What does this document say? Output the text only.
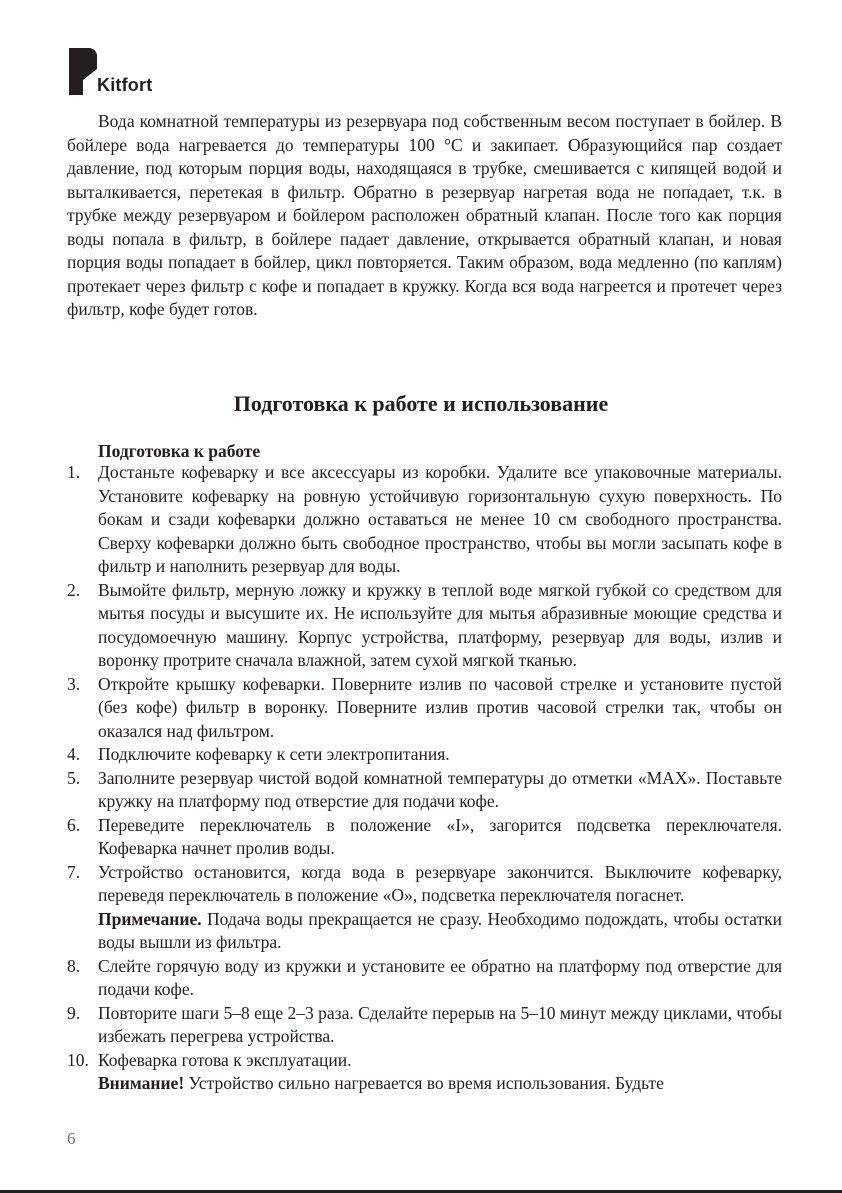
Kitfort
Вода комнатной температуры из резервуара под собственным весом поступает в бойлер. В бойлере вода нагревается до температуры 100 °C и закипает. Образующийся пар создает давление, под которым порция воды, находящаяся в трубке, смешивается с кипящей водой и выталкивается, перетекая в фильтр. Обратно в резервуар нагретая вода не попадает, т.к. в трубке между резервуаром и бойлером расположен обратный клапан. После того как порция воды попала в фильтр, в бойлере падает давление, открывается обратный клапан, и новая порция воды попадает в бойлер, цикл повторяется. Таким образом, вода медленно (по каплям) протекает через фильтр с кофе и попадает в кружку. Когда вся вода нагреется и протечет через фильтр, кофе будет готов.
Подготовка к работе и использование
Подготовка к работе
1. Достаньте кофеварку и все аксессуары из коробки. Удалите все упаковочные материалы. Установите кофеварку на ровную устойчивую горизонтальную сухую поверхность. По бокам и сзади кофеварки должно оставаться не менее 10 см свободного пространства. Сверху кофеварки должно быть свободное пространство, чтобы вы могли засыпать кофе в фильтр и наполнить резервуар для воды.
2. Вымойте фильтр, мерную ложку и кружку в теплой воде мягкой губкой со средством для мытья посуды и высушите их. Не используйте для мытья абразивные моющие средства и посудомоечную машину. Корпус устройства, платформу, резервуар для воды, излив и воронку протрите сначала влажной, затем сухой мягкой тканью.
3. Откройте крышку кофеварки. Поверните излив по часовой стрелке и установите пустой (без кофе) фильтр в воронку. Поверните излив против часовой стрелки так, чтобы он оказался над фильтром.
4. Подключите кофеварку к сети электропитания.
5. Заполните резервуар чистой водой комнатной температуры до отметки «MAX». Поставьте кружку на платформу под отверстие для подачи кофе.
6. Переведите переключатель в положение «I», загорится подсветка переключателя. Кофеварка начнет пролив воды.
7. Устройство остановится, когда вода в резервуаре закончится. Выключите кофеварку, переведя переключатель в положение «O», подсветка переключателя погаснет.
Примечание. Подача воды прекращается не сразу. Необходимо подождать, чтобы остатки воды вышли из фильтра.
8. Слейте горячую воду из кружки и установите ее обратно на платформу под отверстие для подачи кофе.
9. Повторите шаги 5–8 еще 2–3 раза. Сделайте перерыв на 5–10 минут между циклами, чтобы избежать перегрева устройства.
10. Кофеварка готова к эксплуатации.
Внимание! Устройство сильно нагревается во время использования. Будьте
6
